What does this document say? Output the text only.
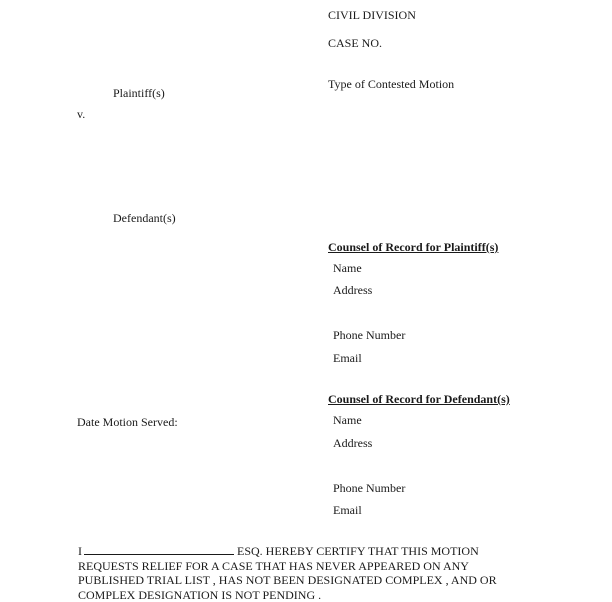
CIVIL DIVISION
CASE NO.
Type of Contested Motion
Plaintiff(s)
v.
Defendant(s)
Counsel of Record for Plaintiff(s)
Name
Address
Phone Number
Email
Counsel of Record for Defendant(s)
Name
Address
Phone Number
Email
Date Motion Served:
I	ESQ. HEREBY CERTIFY THAT THIS MOTION REQUESTS RELIEF FOR A CASE THAT HAS NEVER APPEARED ON ANY PUBLISHED TRIAL LIST , HAS NOT BEEN DESIGNATED COMPLEX , AND OR COMPLEX DESIGNATION IS NOT PENDING .
